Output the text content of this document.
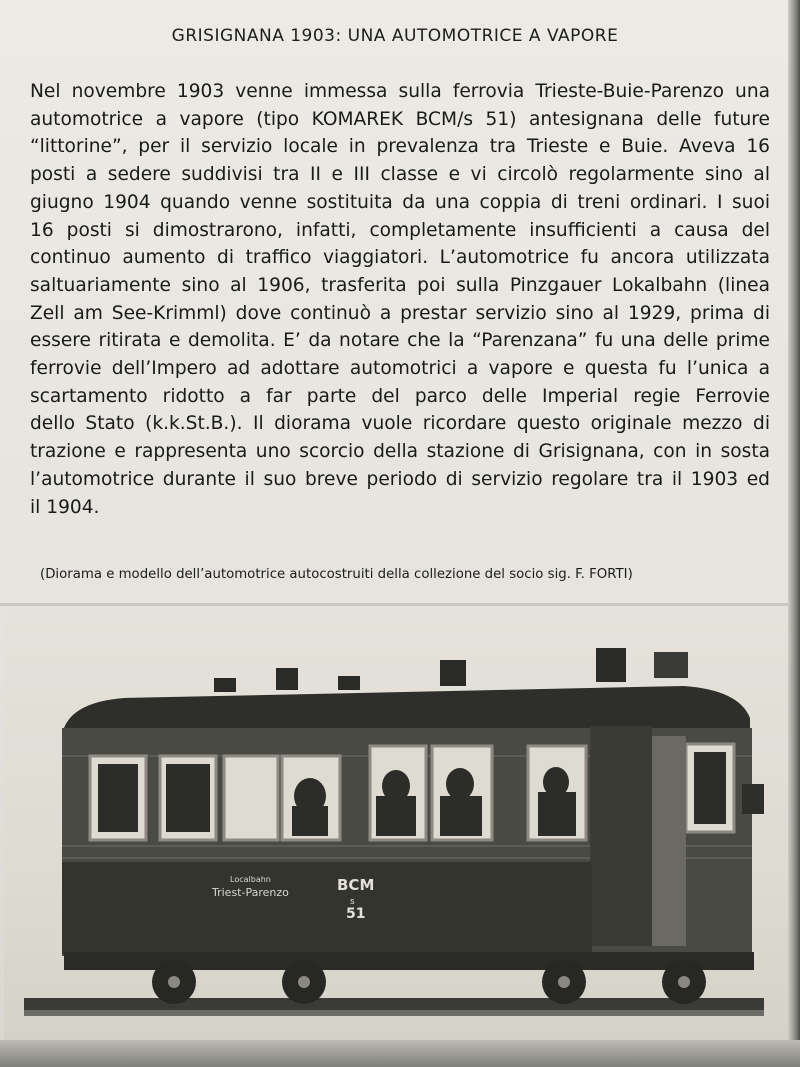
GRISIGNANA 1903: UNA AUTOMOTRICE A VAPORE
Nel novembre 1903 venne immessa sulla ferrovia Trieste-Buie-Parenzo una
automotrice a vapore (tipo KOMAREK BCM/s 51) antesignana delle future
“littorine”, per il servizio locale in prevalenza tra Trieste e Buie. Aveva 16
posti a sedere suddivisi tra II e III classe e vi circolò regolarmente sino al
giugno 1904 quando venne sostituita da una coppia di treni ordinari. I suoi
16 posti si dimostrarono, infatti, completamente insufficienti a causa del
continuo aumento di traffico viaggiatori. L’automotrice fu ancora utilizzata
saltuariamente sino al 1906, trasferita poi sulla Pinzgauer Lokalbahn (linea
Zell am See-Krimml) dove continuò a prestar servizio sino al 1929, prima di
essere ritirata e demolita. E’ da notare che la “Parenzana” fu una delle prime
ferrovie dell’Impero ad adottare automotrici a vapore e questa fu l’unica a
scartamento ridotto a far parte del parco delle Imperial regie Ferrovie
dello Stato (k.k.St.B.). Il diorama vuole ricordare questo originale mezzo di
trazione e rappresenta uno scorcio della stazione di Grisignana, con in sosta
l’automotrice durante il suo breve periodo di servizio regolare tra il 1903 ed
il 1904.
(Diorama e modello dell’automotrice autocostruiti della collezione del socio sig. F. FORTI)
Localbahn
Triest-Parenzo	BCM
s
51
